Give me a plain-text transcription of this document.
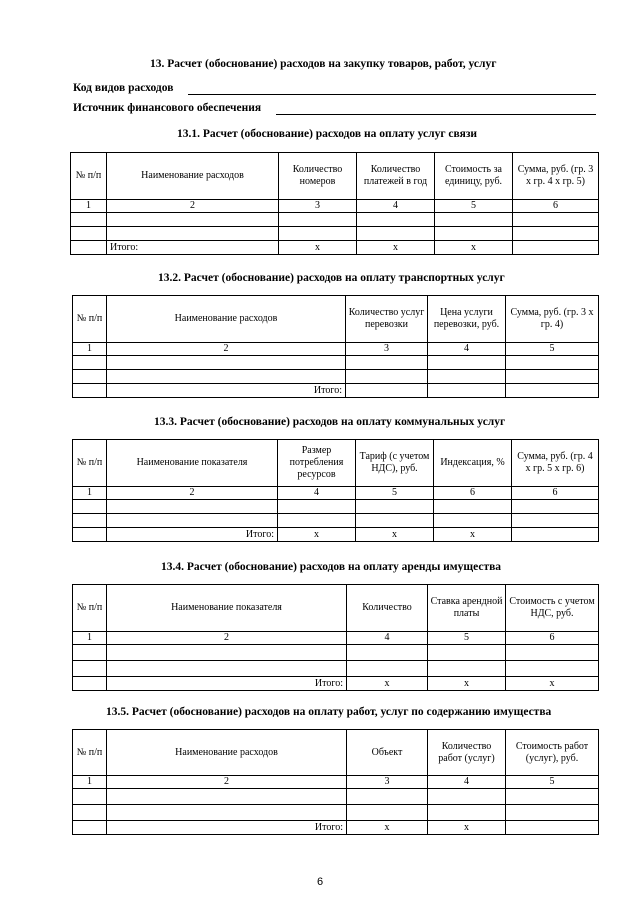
13. Расчет (обоснование) расходов на закупку товаров, работ, услуг
Код видов расходов
Источник финансового обеспечения
13.1. Расчет (обоснование) расходов на оплату услуг связи
№ п/п	Наименование расходов	Количество номеров	Количество платежей в год	Стоимость за единицу, руб.	Сумма, руб. (гр. 3 х гр. 4 х гр. 5)
1	2	3	4	5	6

	Итого:	x	x	x	
13.2. Расчет (обоснование) расходов на оплату транспортных услуг
№ п/п	Наименование расходов	Количество услуг перевозки	Цена услуги перевозки, руб.	Сумма, руб. (гр. 3 х гр. 4)
1	2	3	4	5

	Итого:			
13.3. Расчет (обоснование) расходов на оплату коммунальных услуг
№ п/п	Наименование показателя	Размер потребления ресурсов	Тариф (с учетом НДС), руб.	Индексация, %	Сумма, руб. (гр. 4 х гр. 5 х гр. 6)
1	2	4	5	6	6

	Итого:	x	x	x	
13.4. Расчет (обоснование) расходов на оплату аренды имущества
№ п/п	Наименование показателя	Количество	Ставка арендной платы	Стоимость с учетом НДС, руб.
1	2	4	5	6

	Итого:	x	x	x
13.5. Расчет (обоснование) расходов на оплату работ, услуг по содержанию имущества
№ п/п	Наименование расходов	Объект	Количество работ (услуг)	Стоимость работ (услуг), руб.
1	2	3	4	5

	Итого:	x	x	
6
